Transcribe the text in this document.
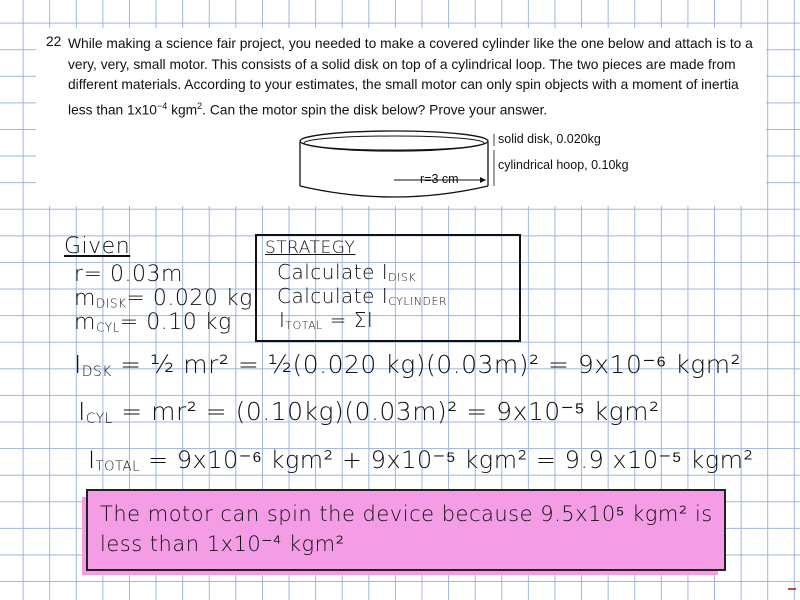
22 While making a science fair project, you needed to make a covered cylinder like the one below and attach is to a very, very, small motor. This consists of a solid disk on top of a cylindrical loop. The two pieces are made from different materials. According to your estimates, the small motor can only spin objects with a moment of inertia less than $1x10^{-4}$ kgm$^2$. Can the motor spin the disk below? Prove your answer.
solid disk, 0.020kg
cylindrical hoop, 0.10kg
r=3 cm
Given
r= 0.03m
$m_{DISK}= 0.020$ kg
$m_{CYL}= 0.10$ kg
STRATEGY
Calculate $I_{DISK}$
Calculate $I_{CYLINDER}$
$I_{TOTAL} = \Sigma I$
$I_{DSK}$ = ½ mr² = ½(0.020 kg)(0.03m)² = 9x10⁻⁶ kgm²
$I_{CYL} = mr^2 = (0.10kg)(0.03m)^2 = 9x10^{-5}$ kgm²
$I_{TOTAL} = 9x10^{-6}$ kgm² + 9x10⁻⁵ kgm² = 9.9 x10⁻⁵ kgm²
The motor can spin the device because 9.5x10⁵ kgm² is less than 1x10⁻⁴ kgm²
